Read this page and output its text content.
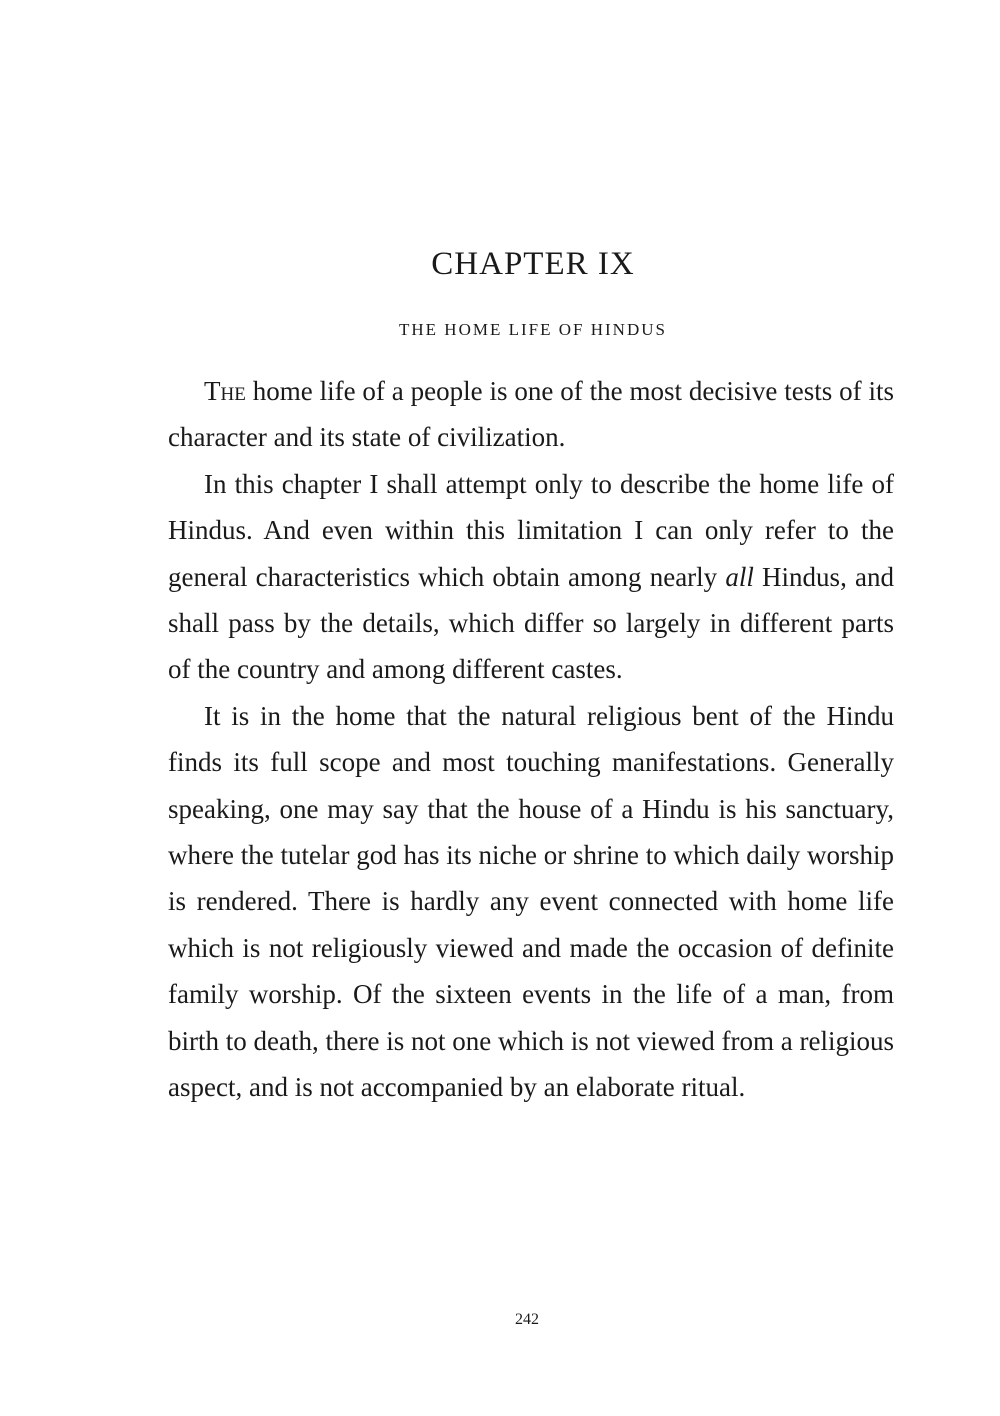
CHAPTER IX
THE HOME LIFE OF HINDUS

The home life of a people is one of the most decisive tests of its character and its state of civilization.

In this chapter I shall attempt only to describe the home life of Hindus. And even within this limitation I can only refer to the general characteristics which obtain among nearly all Hindus, and shall pass by the details, which differ so largely in different parts of the country and among different castes.

It is in the home that the natural religious bent of the Hindu finds its full scope and most touching manifestations. Generally speaking, one may say that the house of a Hindu is his sanctuary, where the tutelar god has its niche or shrine to which daily worship is rendered. There is hardly any event connected with home life which is not religiously viewed and made the occasion of definite family worship. Of the sixteen events in the life of a man, from birth to death, there is not one which is not viewed from a religious aspect, and is not accompanied by an elaborate ritual.

242
